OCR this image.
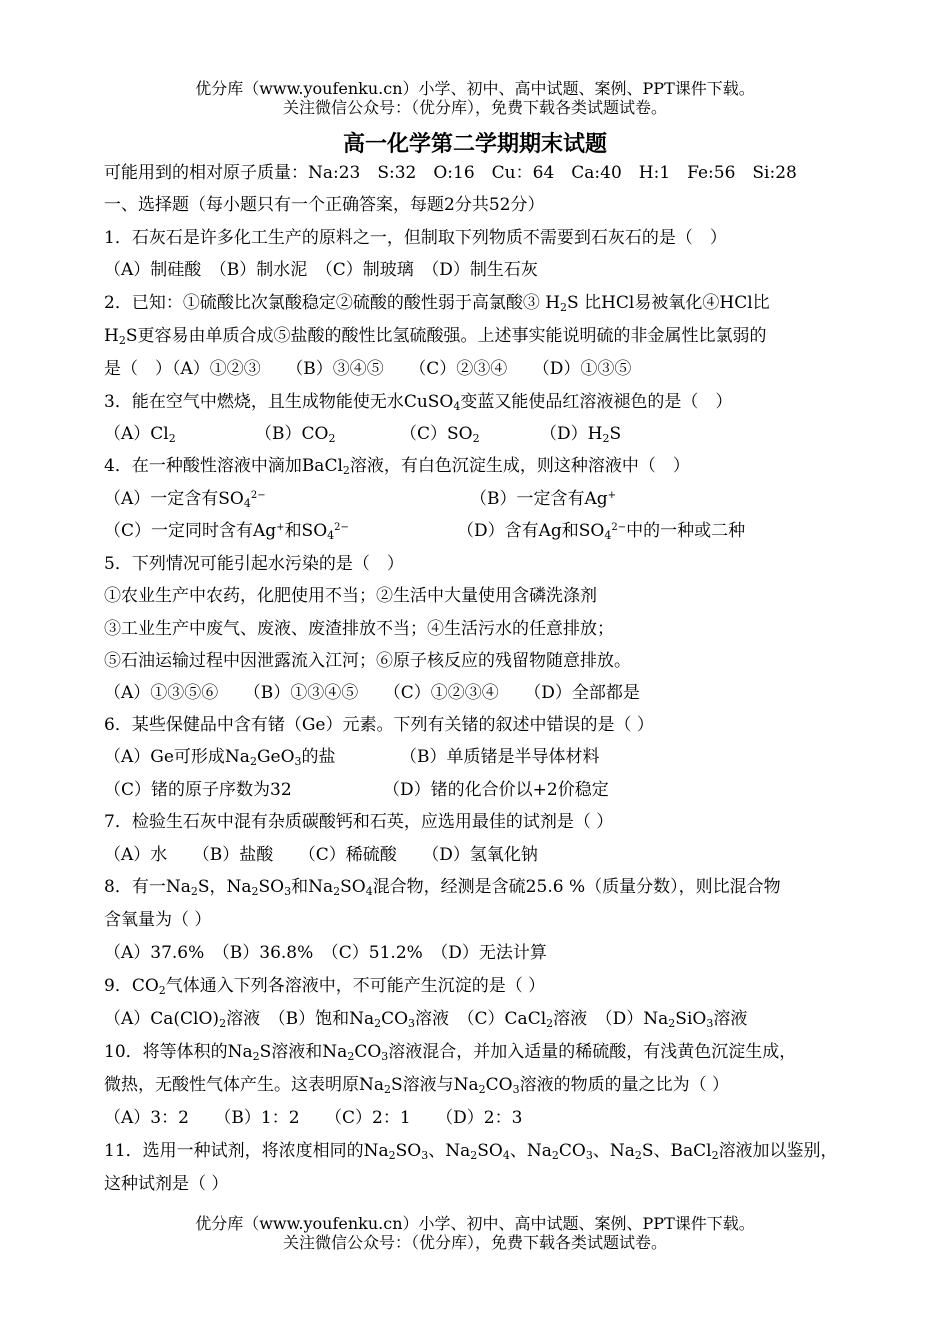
优分库（www.youfenku.cn）小学、初中、高中试题、案例、PPT课件下载。
关注微信公众号：（优分库），免费下载各类试题试卷。
高一化学第二学期期末试题
可能用到的相对原子质量：Na:23　S:32　O:16　Cu：64　Ca:40　H:1　Fe:56　Si:28
一、选择题（每小题只有一个正确答案，每题2分共52分）
1．石灰石是许多化工生产的原料之一，但制取下列物质不需要到石灰石的是（　）
（A）制硅酸　（B）制水泥　（C）制玻璃　（D）制生石灰
2．已知：①硫酸比次氯酸稳定②硫酸的酸性弱于高氯酸③ $H_2S$ 比HCl易被氧化④HCl比
$H_2S$更容易由单质合成⑤盐酸的酸性比氢硫酸强。上述事实能说明硫的非金属性比氯弱的
是（　）（A）①②③　　（B）③④⑤　　（C）②③④　　（D）①③⑤
3．能在空气中燃烧，且生成物能使无水CuSO$_4$变蓝又能使品红溶液褪色的是（　）
$(A)Cl_2$	$(B)CO_2$	$(C)SO_2$	$(D)H_2S$
4．在一种酸性溶液中滴加BaCl$_2$溶液，有白色沉淀生成，则这种溶液中（　）
（A）一定含有$SO_4^{2-}$	（B）一定含有Ag+
（C）一定同时含有Ag+和$SO_4^{2-}$	（D）含有Ag和$SO_4^{2-}$中的一种或二种
5．下列情况可能引起水污染的是（　）
①农业生产中农药，化肥使用不当；②生活中大量使用含磷洗涤剂
③工业生产中废气、废液、废渣排放不当；④生活污水的任意排放；
⑤石油运输过程中因泄露流入江河；⑥原子核反应的残留物随意排放。
（A）①③⑤⑥　　（B）①③④⑤　　（C）①②③④　　（D）全部都是
6．某些保健品中含有锗（Ge）元素。下列有关锗的叙述中错误的是（ ）
（A）Ge可形成$Na_2GeO_3$的盐	（B）单质锗是半导体材料
（C）锗的原子序数为32	（D）锗的化合价以+2价稳定
7．检验生石灰中混有杂质碳酸钙和石英，应选用最佳的试剂是（ ）
（A）水　　（B）盐酸　　（C）稀硫酸　　（D）氢氧化钠
8．有一$Na_2S$，$Na_2SO_3$和$Na_2SO_4$混合物，经测是含硫25.6 %（质量分数），则比混合物
含氧量为（ ）
（A）37.6%　（B）36.8%　（C）51.2%　（D）无法计算
9．$CO_2$气体通入下列各溶液中，不可能产生沉淀的是（ ）
$(A)Ca(ClO)_2$溶液　（B）饱和$Na_2CO_3$溶液　（C）CaCl$_2$溶液　$(D)Na_2SiO_3$溶液
10．将等体积的$Na_2S$溶液和$Na_2CO_3$溶液混合，并加入适量的稀硫酸，有浅黄色沉淀生成，
微热，无酸性气体产生。这表明原$Na_2S$溶液与$Na_2CO_3$溶液的物质的量之比为（ ）
（A）3：2　　（B）1：2　　（C）2：1　　（D）2：3
11．选用一种试剂，将浓度相同的$Na_2SO_3$、$Na_2SO_4$、$Na_2CO_3$、$Na_2S$、BaCl$_2$溶液加以鉴别，
这种试剂是（ ）
优分库（www.youfenku.cn）小学、初中、高中试题、案例、PPT课件下载。
关注微信公众号：（优分库），免费下载各类试题试卷。
